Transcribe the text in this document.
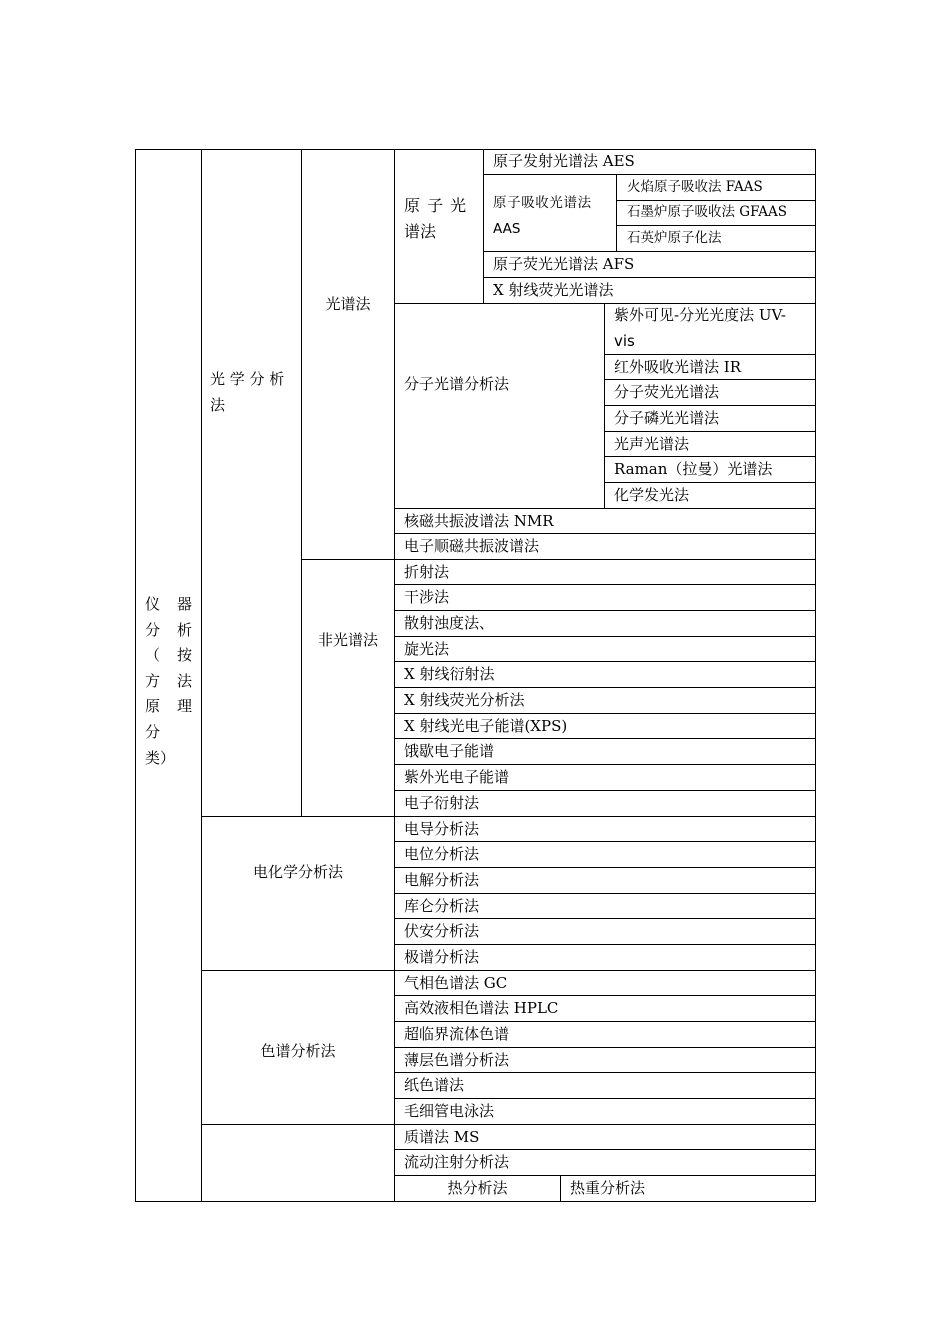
仪
分
（
方
原
分
类）
器
析
按
法
理
光 学 分 析
法
光谱法
非光谱法
原 子 光
谱法
原子发射光谱法 AES
原子吸收光谱法
AAS
火焰原子吸收法 FAAS
石墨炉原子吸收法 GFAAS
石英炉原子化法
原子荧光光谱法 AFS
X 射线荧光光谱法
分子光谱分析法
紫外可见-分光光度法 UV-
vis
红外吸收光谱法 IR
分子荧光光谱法
分子磷光光谱法
光声光谱法
Raman（拉曼）光谱法
化学发光法
核磁共振波谱法 NMR
电子顺磁共振波谱法
折射法
干涉法
散射浊度法、
旋光法
X 射线衍射法
X 射线荧光分析法
X 射线光电子能谱(XPS)
饿歇电子能谱
紫外光电子能谱
电子衍射法
电化学分析法
电导分析法
电位分析法
电解分析法
库仑分析法
伏安分析法
极谱分析法
色谱分析法
气相色谱法 GC
高效液相色谱法 HPLC
超临界流体色谱
薄层色谱分析法
纸色谱法
毛细管电泳法
质谱法 MS
流动注射分析法
热分析法	热重分析法
